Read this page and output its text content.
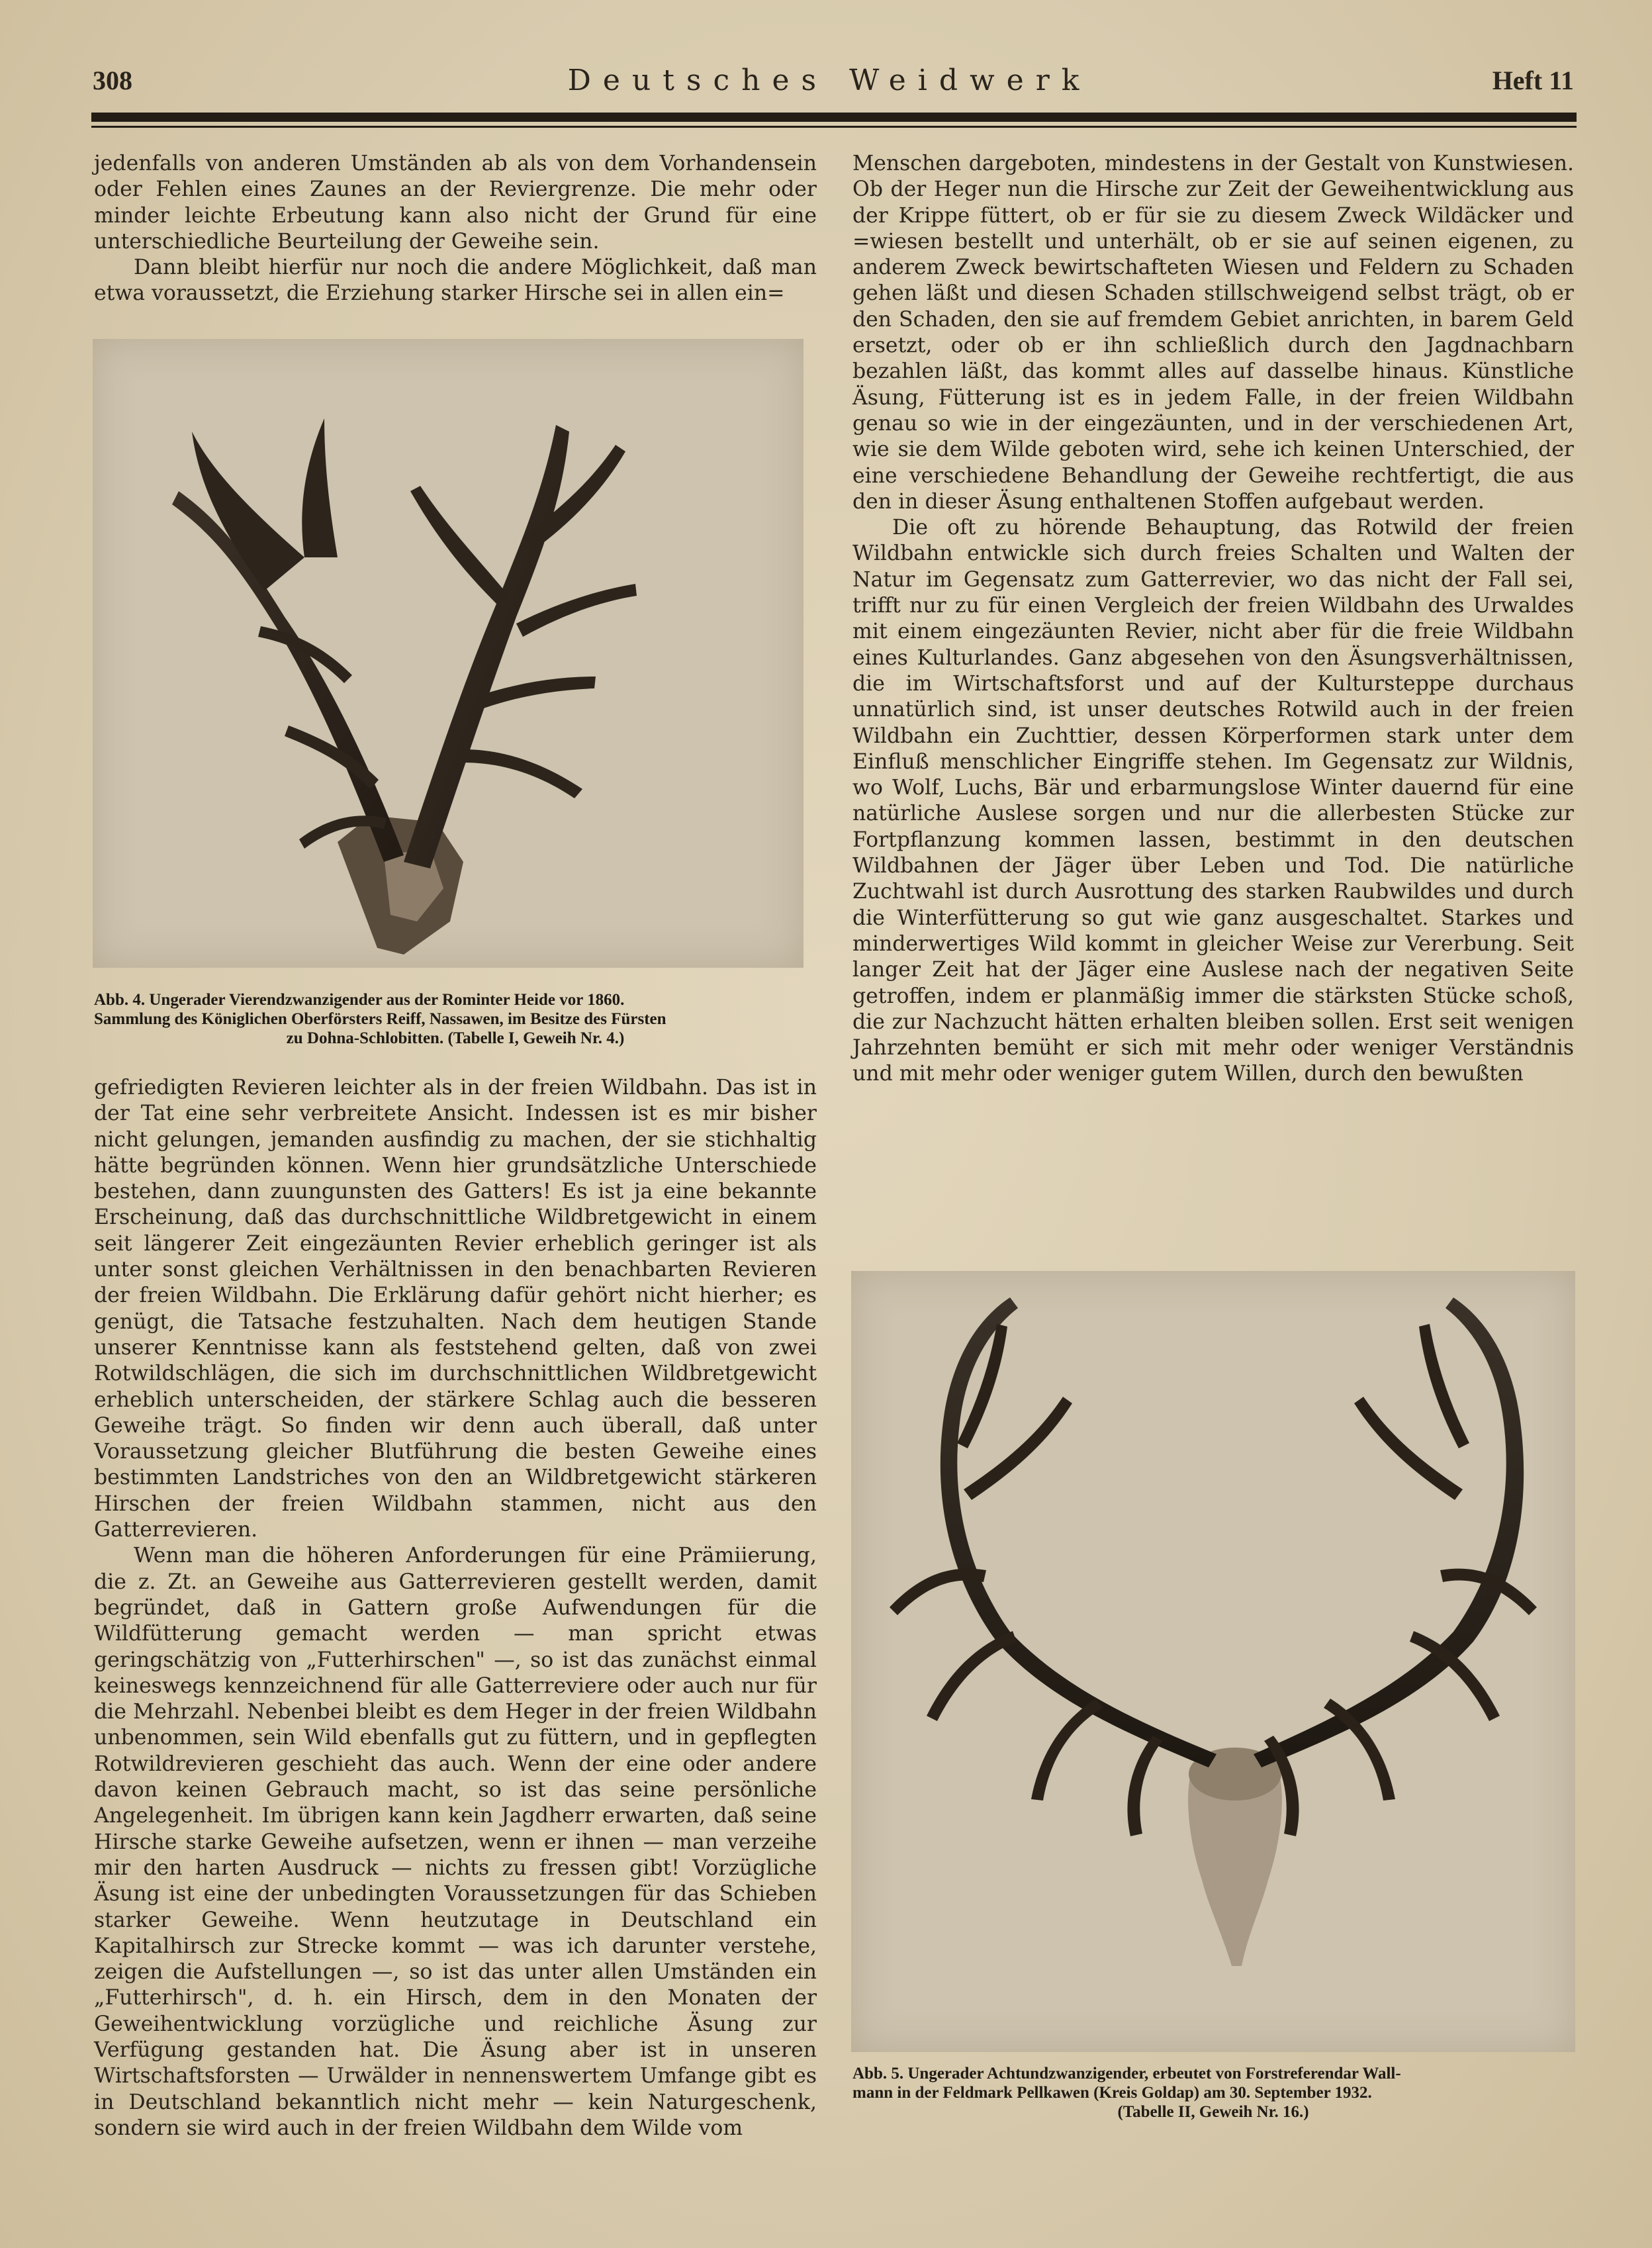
308	Deutsches Weidwerk	Heft 11

jedenfalls von anderen Umständen ab als von dem Vorhandensein oder Fehlen eines Zaunes an der Reviergrenze. Die mehr oder minder leichte Erbeutung kann also nicht der Grund für eine unterschiedliche Beurteilung der Geweihe sein.

Dann bleibt hierfür nur noch die andere Möglichkeit, daß man etwa voraussetzt, die Erziehung starker Hirsche sei in allen ein=

Abb. 4. Ungerader Vierendzwanzigender aus der Rominter Heide vor 1860.
Sammlung des Königlichen Oberförsters Reiff, Nassawen, im Besitze des Fürsten
zu Dohna-Schlobitten. (Tabelle I, Geweih Nr. 4.)

gefriedigten Revieren leichter als in der freien Wildbahn. Das ist in der Tat eine sehr verbreitete Ansicht. Indessen ist es mir bisher nicht gelungen, jemanden ausfindig zu machen, der sie stichhaltig hätte begründen können. Wenn hier grundsätzliche Unterschiede bestehen, dann zuungunsten des Gatters! Es ist ja eine bekannte Erscheinung, daß das durchschnittliche Wildbretgewicht in einem seit längerer Zeit eingezäunten Revier erheblich geringer ist als unter sonst gleichen Verhältnissen in den benachbarten Revieren der freien Wildbahn. Die Erklärung dafür gehört nicht hierher; es genügt, die Tatsache festzuhalten. Nach dem heutigen Stande unserer Kenntnisse kann als feststehend gelten, daß von zwei Rotwildschlägen, die sich im durchschnittlichen Wildbretgewicht erheblich unterscheiden, der stärkere Schlag auch die besseren Geweihe trägt. So finden wir denn auch überall, daß unter Voraussetzung gleicher Blutführung die besten Geweihe eines bestimmten Landstriches von den an Wildbretgewicht stärkeren Hirschen der freien Wildbahn stammen, nicht aus den Gatterrevieren.

Wenn man die höheren Anforderungen für eine Prämiierung, die z. Zt. an Geweihe aus Gatterrevieren gestellt werden, damit begründet, daß in Gattern große Aufwendungen für die Wildfütterung gemacht werden — man spricht etwas geringschätzig von „Futterhirschen" —, so ist das zunächst einmal keineswegs kennzeichnend für alle Gatterreviere oder auch nur für die Mehrzahl. Nebenbei bleibt es dem Heger in der freien Wildbahn unbenommen, sein Wild ebenfalls gut zu füttern, und in gepflegten Rotwildrevieren geschieht das auch. Wenn der eine oder andere davon keinen Gebrauch macht, so ist das seine persönliche Angelegenheit. Im übrigen kann kein Jagdherr erwarten, daß seine Hirsche starke Geweihe aufsetzen, wenn er ihnen — man verzeihe mir den harten Ausdruck — nichts zu fressen gibt! Vorzügliche Äsung ist eine der unbedingten Voraussetzungen für das Schieben starker Geweihe. Wenn heutzutage in Deutschland ein Kapitalhirsch zur Strecke kommt — was ich darunter verstehe, zeigen die Aufstellungen —, so ist das unter allen Umständen ein „Futterhirsch", d. h. ein Hirsch, dem in den Monaten der Geweihentwicklung vorzügliche und reichliche Äsung zur Verfügung gestanden hat. Die Äsung aber ist in unseren Wirtschaftsforsten — Urwälder in nennenswertem Umfange gibt es in Deutschland bekanntlich nicht mehr — kein Naturgeschenk, sondern sie wird auch in der freien Wildbahn dem Wilde vom

Menschen dargeboten, mindestens in der Gestalt von Kunstwiesen. Ob der Heger nun die Hirsche zur Zeit der Geweihentwicklung aus der Krippe füttert, ob er für sie zu diesem Zweck Wildäcker und =wiesen bestellt und unterhält, ob er sie auf seinen eigenen, zu anderem Zweck bewirtschafteten Wiesen und Feldern zu Schaden gehen läßt und diesen Schaden stillschweigend selbst trägt, ob er den Schaden, den sie auf fremdem Gebiet anrichten, in barem Geld ersetzt, oder ob er ihn schließlich durch den Jagdnachbarn bezahlen läßt, das kommt alles auf dasselbe hinaus. Künstliche Äsung, Fütterung ist es in jedem Falle, in der freien Wildbahn genau so wie in der eingezäunten, und in der verschiedenen Art, wie sie dem Wilde geboten wird, sehe ich keinen Unterschied, der eine verschiedene Behandlung der Geweihe rechtfertigt, die aus den in dieser Äsung enthaltenen Stoffen aufgebaut werden.

Die oft zu hörende Behauptung, das Rotwild der freien Wildbahn entwickle sich durch freies Schalten und Walten der Natur im Gegensatz zum Gatterrevier, wo das nicht der Fall sei, trifft nur zu für einen Vergleich der freien Wildbahn des Urwaldes mit einem eingezäunten Revier, nicht aber für die freie Wildbahn eines Kulturlandes. Ganz abgesehen von den Äsungsverhältnissen, die im Wirtschaftsforst und auf der Kultursteppe durchaus unnatürlich sind, ist unser deutsches Rotwild auch in der freien Wildbahn ein Zuchttier, dessen Körperformen stark unter dem Einfluß menschlicher Eingriffe stehen. Im Gegensatz zur Wildnis, wo Wolf, Luchs, Bär und erbarmungslose Winter dauernd für eine natürliche Auslese sorgen und nur die allerbesten Stücke zur Fortpflanzung kommen lassen, bestimmt in den deutschen Wildbahnen der Jäger über Leben und Tod. Die natürliche Zuchtwahl ist durch Ausrottung des starken Raubwildes und durch die Winterfütterung so gut wie ganz ausgeschaltet. Starkes und minderwertiges Wild kommt in gleicher Weise zur Vererbung. Seit langer Zeit hat der Jäger eine Auslese nach der negativen Seite getroffen, indem er planmäßig immer die stärksten Stücke schoß, die zur Nachzucht hätten erhalten bleiben sollen. Erst seit wenigen Jahrzehnten bemüht er sich mit mehr oder weniger Verständnis und mit mehr oder weniger gutem Willen, durch den bewußten

Abb. 5. Ungerader Achtundzwanzigender, erbeutet von Forstreferendar Wall-
mann in der Feldmark Pellkawen (Kreis Goldap) am 30. September 1932.
(Tabelle II, Geweih Nr. 16.)
